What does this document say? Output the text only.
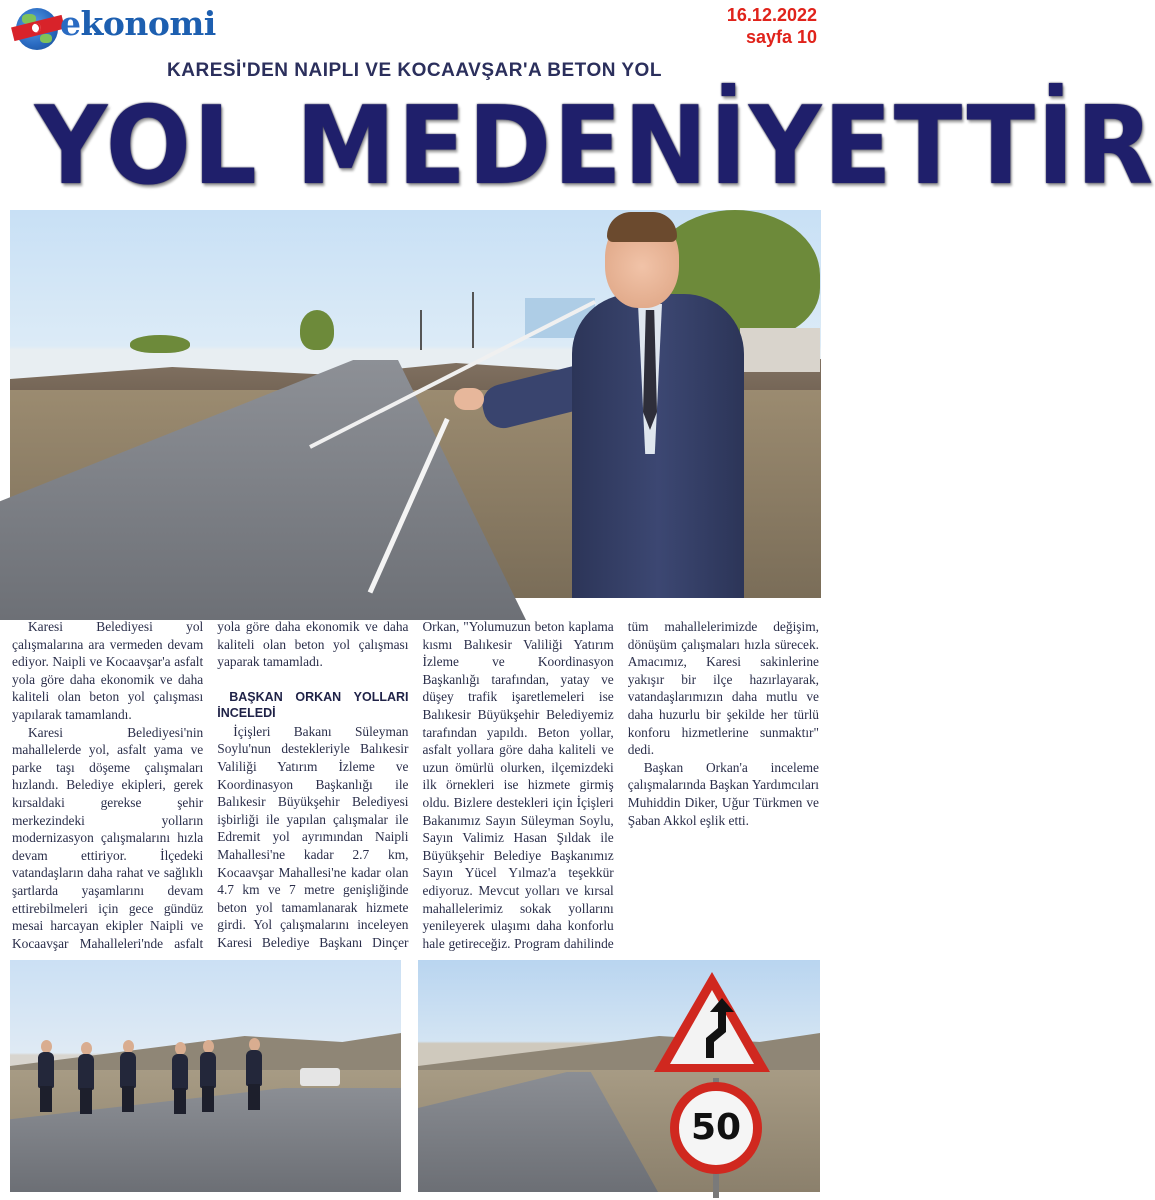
ekonomi	16.12.2022
sayfa 10
KARESİ'DEN NAIPLI VE KOCAAVŞAR'A BETON YOL
YOL MEDENİYETTİR

Karesi Belediyesi yol çalışmalarına ara vermeden devam ediyor. Naipli ve Kocaavşar'a asfalt yola göre daha ekonomik ve daha kaliteli olan beton yol çalışması yapılarak tamamlandı.

Karesi Belediyesi'nin mahallelerde yol, asfalt yama ve parke taşı döşeme çalışmaları hızlandı. Belediye ekipleri, gerek kırsaldaki gerekse şehir merkezindeki yolların modernizasyon çalışmalarını hızla devam ettiriyor. İlçedeki vatandaşların daha rahat ve sağlıklı şartlarda yaşamlarını devam ettirebilmeleri için gece gündüz mesai harcayan ekipler Naipli ve Kocaavşar Mahalleleri'nde asfalt yola göre daha ekonomik ve daha kaliteli olan beton yol çalışması yaparak tamamladı.

BAŞKAN ORKAN YOLLARI İNCELEDİ

İçişleri Bakanı Süleyman Soylu'nun destekleriyle Balıkesir Valiliği Yatırım İzleme ve Koordinasyon Başkanlığı ile Balıkesir Büyükşehir Belediyesi işbirliği ile yapılan çalışmalar ile Edremit yol ayrımından Naipli Mahallesi'ne kadar 2.7 km, Kocaavşar Mahallesi'ne kadar olan 4.7 km ve 7 metre genişliğinde beton yol tamamlanarak hizmete girdi. Yol çalışmalarını inceleyen Karesi Belediye Başkanı Dinçer Orkan, "Yolumuzun beton kaplama kısmı Balıkesir Valiliği Yatırım İzleme ve Koordinasyon Başkanlığı tarafından, yatay ve düşey trafik işaretlemeleri ise Balıkesir Büyükşehir Belediyemiz tarafından yapıldı. Beton yollar, asfalt yollara göre daha kaliteli ve uzun ömürlü olurken, ilçemizdeki ilk örnekleri ise hizmete girmiş oldu. Bizlere destekleri için İçişleri Bakanımız Sayın Süleyman Soylu, Sayın Valimiz Hasan Şıldak ile Büyükşehir Belediye Başkanımız Sayın Yücel Yılmaz'a teşekkür ediyoruz. Mevcut yolları ve kırsal mahallelerimiz sokak yollarını yenileyerek ulaşımı daha konforlu hale getireceğiz. Program dahilinde tüm mahallelerimizde değişim, dönüşüm çalışmaları hızla sürecek. Amacımız, Karesi sakinlerine yakışır bir ilçe hazırlayarak, vatandaşlarımızın daha mutlu ve daha huzurlu bir şekilde her türlü konforu hizmetlerine sunmaktır" dedi.

Başkan Orkan'a inceleme çalışmalarında Başkan Yardımcıları Muhiddin Diker, Uğur Türkmen ve Şaban Akkol eşlik etti.

50
